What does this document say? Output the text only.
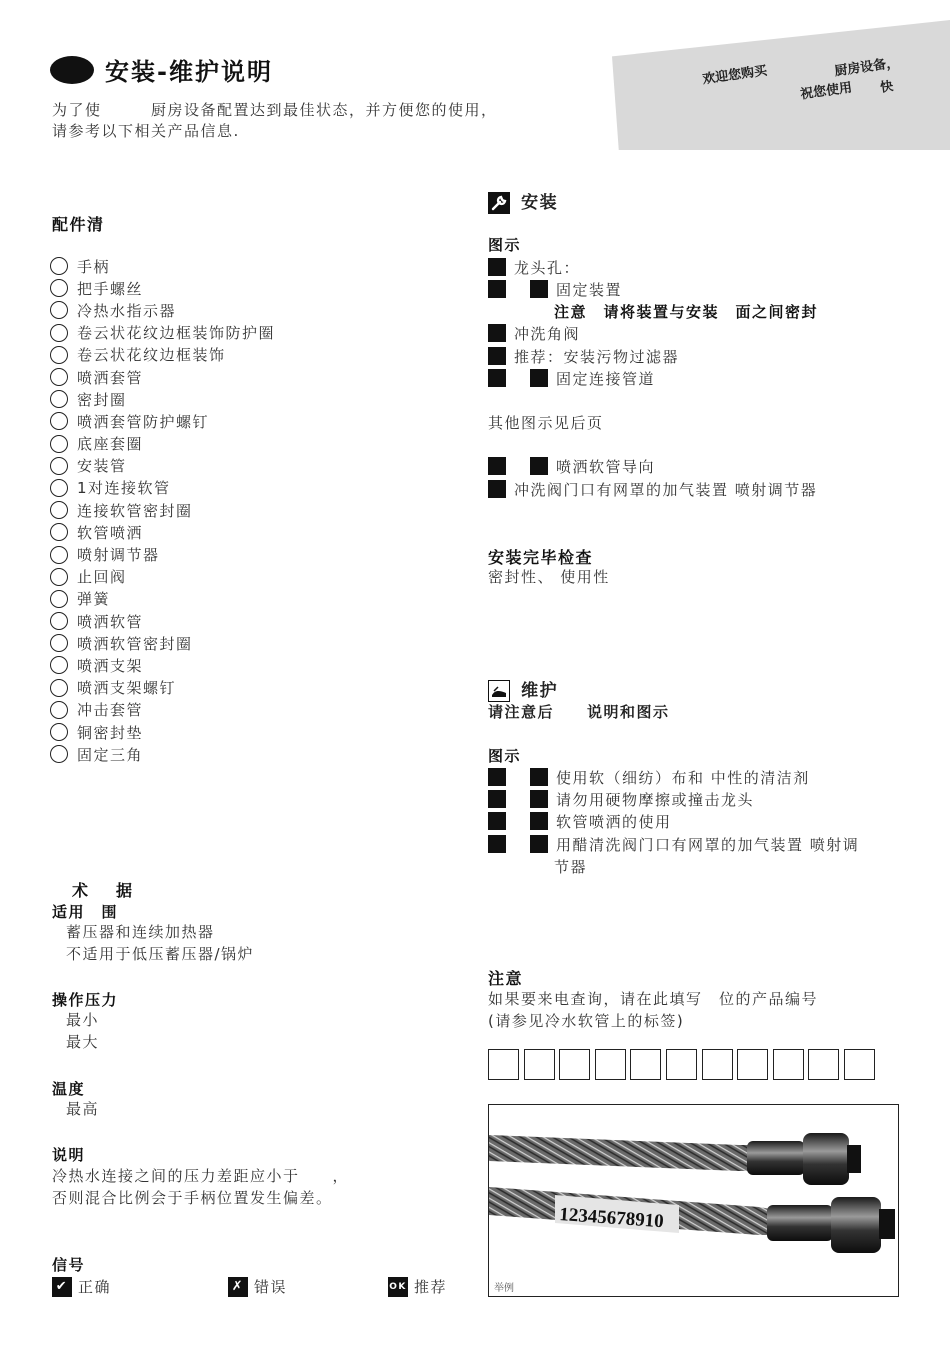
安装-维护说明
为了使　　　厨房设备配置达到最佳状态，并方便您的使用，
请参考以下相关产品信息.
欢迎您购买	厨房设备，
祝您使用 快
配件清
手柄
把手螺丝
冷热水指示器
卷云状花纹边框装饰防护圈
卷云状花纹边框装饰
喷洒套管
密封圈
喷洒套管防护螺钉
底座套圈
安装管
1对连接软管
连接软管密封圈
软管喷洒
喷射调节器
止回阀
弹簧
喷洒软管
喷洒软管密封圈
喷洒支架
喷洒支架螺钉
冲击套管
铜密封垫
固定三角
术　据
适用　围
蓄压器和连续加热器
不适用于低压蓄压器/锅炉
操作压力
最小
最大
温度
最高
说明
冷热水连接之间的压力差距应小于　　，
否则混合比例会于手柄位置发生偏差。
信号
✔ 正确	✗ 错误	OK 推荐
安装
图示
龙头孔：
固定装置
注意　请将装置与安装　面之间密封
冲洗角阀
推荐：安装污物过滤器
固定连接管道
其他图示见后页
喷洒软管导向
冲洗阀门口有网罩的加气装置 喷射调节器
安装完毕检查
密封性、 使用性
维护
请注意后　　说明和图示
图示
使用软（细纺）布和 中性的清洁剂
请勿用硬物摩擦或撞击龙头
软管喷洒的使用
用醋清洗阀门口有网罩的加气装置 喷射调
节器
注意
如果要来电查询，请在此填写　位的产品编号
(请参见冷水软管上的标签)
12345678910
举例
